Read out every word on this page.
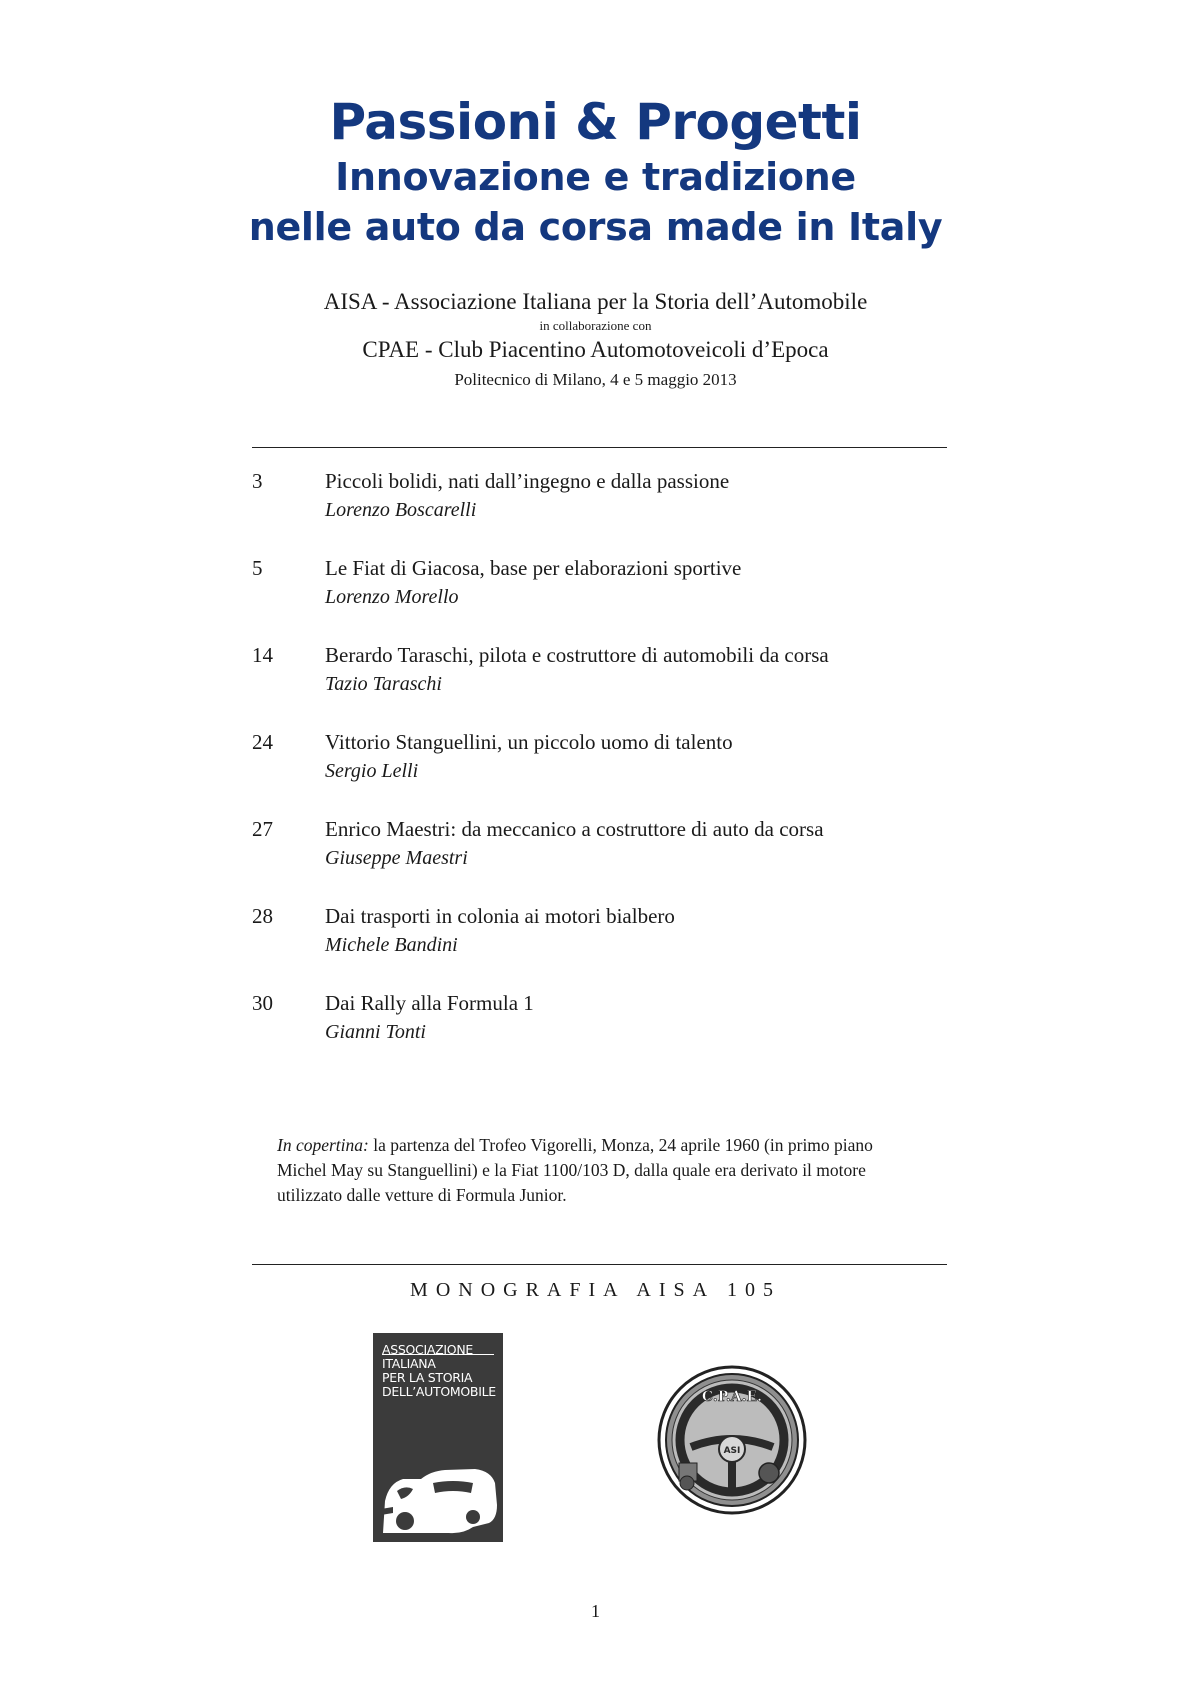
Passioni & Progetti
Innovazione e tradizione
nelle auto da corsa made in Italy
AISA - Associazione Italiana per la Storia dell’Automobile
in collaborazione con
CPAE - Club Piacentino Automotoveicoli d’Epoca
Politecnico di Milano, 4 e 5 maggio 2013
3	Piccoli bolidi, nati dall’ingegno e dalla passione
Lorenzo Boscarelli
5	Le Fiat di Giacosa, base per elaborazioni sportive
Lorenzo Morello
14 Berardo Taraschi, pilota e costruttore di automobili da corsa
Tazio Taraschi
24 Vittorio Stanguellini, un piccolo uomo di talento
Sergio Lelli
27 Enrico Maestri: da meccanico a costruttore di auto da corsa
Giuseppe Maestri
28 Dai trasporti in colonia ai motori bialbero
Michele Bandini
30 Dai Rally alla Formula 1
Gianni Tonti
In copertina: la partenza del Trofeo Vigorelli, Monza, 24 aprile 1960 (in primo piano
Michel May su Stanguellini) e la Fiat 1100/103 D, dalla quale era derivato il motore
utilizzato dalle vetture di Formula Junior.
MONOGRAFIA AISA 105
ASSOCIAZIONE
ITALIANA
PER LA STORIA
DELL’AUTOMOBILE
ASI
C.P.A.E.
1
